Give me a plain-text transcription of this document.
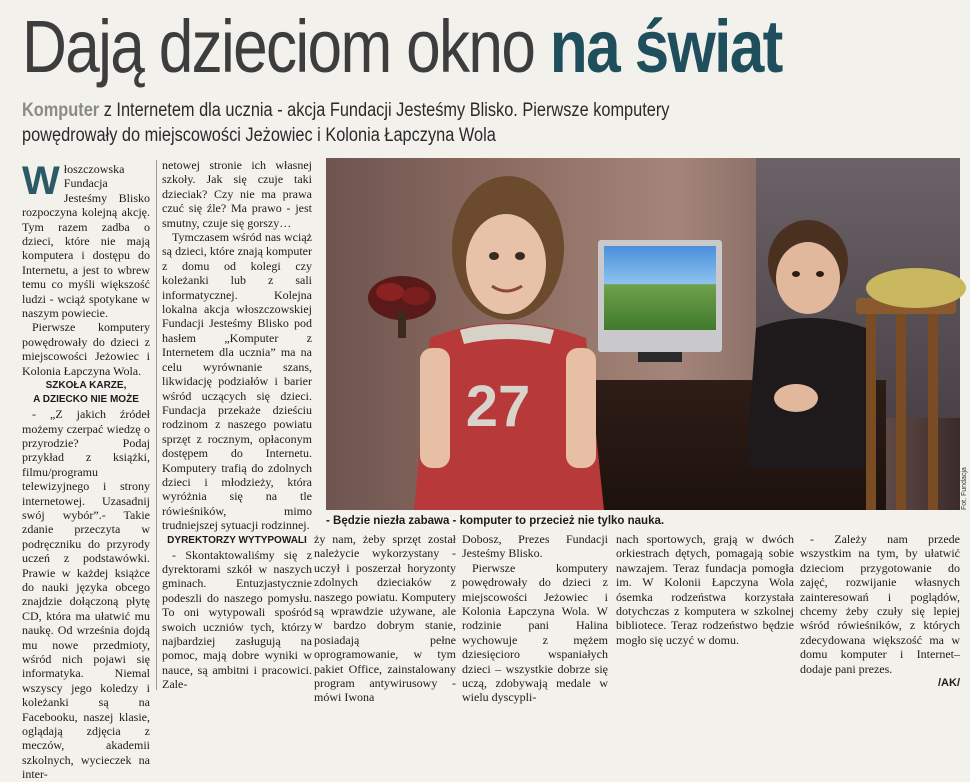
Dają dzieciom okno na świat
Komputer z Internetem dla ucznia - akcja Fundacji Jesteśmy Blisko. Pierwsze komputery powędrowały do miejscowości Jeżowiec i Kolonia Łapczyna Wola

Włoszczowska Fundacja Jesteśmy Blisko rozpoczyna kolejną akcję. Tym razem zadba o dzieci, które nie mają komputera i dostępu do Internetu, a jest to wbrew temu co myśli większość ludzi - wciąż spotykane w naszym powiecie.

Pierwsze komputery powędrowały do dzieci z miejscowości Jeżowiec i Kolonia Łapczyna Wola.

SZKOŁA KARZE,
A DZIECKO NIE MOŻE

- „Z jakich źródeł możemy czerpać wiedzę o przyrodzie? Podaj przykład z książki, filmu/programu telewizyjnego i strony internetowej. Uzasadnij swój wybór”.- Takie zdanie przeczyta w podręczniku do przyrody uczeń z podstawówki. Prawie w każdej książce do nauki języka obcego znajdzie dołączoną płytę CD, która ma ułatwić mu naukę. Od września dojdą mu nowe przedmioty, wśród nich pojawi się informatyka. Niemal wszyscy jego koledzy i koleżanki są na Facebooku, naszej klasie, oglądają zdjęcia z meczów, akademii szkolnych, wycieczek na inter-

netowej stronie ich własnej szkoły. Jak się czuje taki dzieciak? Czy nie ma prawa czuć się źle? Ma prawo - jest smutny, czuje się gorszy…

Tymczasem wśród nas wciąż są dzieci, które znają komputer z domu od kolegi czy koleżanki lub z sali informatycznej. Kolejna lokalna akcja włoszczowskiej Fundacji Jesteśmy Blisko pod hasłem „Komputer z Internetem dla ucznia” ma na celu wyrównanie szans, likwidację podziałów i barier wśród uczących się dzieci. Fundacja przekaże dzieściu rodzinom z naszego powiatu sprzęt z rocznym, opłaconym dostępem do Internetu. Komputery trafią do zdolnych dzieci i młodzieży, która wyróżnia się na tle rówieśników, mimo trudniejszej sytuacji rodzinnej.

DYREKTORZY WYTYPOWALI

- Skontaktowaliśmy się z dyrektorami szkół w naszych gminach. Entuzjastycznie podeszli do naszego pomysłu. To oni wytypowali spośród swoich uczniów tych, którzy najbardziej zasługują na pomoc, mają dobre wyniki w nauce, są ambitni i pracowici. Zale-

27
Fot. Fundacja
- Będzie niezła zabawa - komputer to przecież nie tylko nauka.

ży nam, żeby sprzęt został należycie wykorzystany - uczył i poszerzał horyzonty zdolnych dzieciaków z naszego powiatu. Komputery są wprawdzie używane, ale w bardzo dobrym stanie, posiadają pełne oprogramowanie, w tym pakiet Office, zainstalowany program antywirusowy - mówi Iwona

Dobosz, Prezes Fundacji Jesteśmy Blisko.

Pierwsze komputery powędrowały do dzieci z miejscowości Jeżowiec i Kolonia Łapczyna Wola. W rodzinie pani Halina wychowuje z mężem dziesięcioro wspaniałych dzieci – wszystkie dobrze się uczą, zdobywają medale w wielu dyscypli-

nach sportowych, grają w dwóch orkiestrach dętych, pomagają sobie nawzajem. Teraz fundacja pomogła im. W Kolonii Łapczyna Wola ósemka rodzeństwa korzystała dotychczas z komputera w szkolnej bibliotece. Teraz rodzeństwo będzie mogło się uczyć w domu.

- Zależy nam przede wszystkim na tym, by ułatwić dzieciom przygotowanie do zajęć, rozwijanie własnych zainteresowań i poglądów, chcemy żeby czuły się lepiej wśród rówieśników, z których zdecydowana większość ma w domu komputer i Internet– dodaje pani prezes.

/AK/
